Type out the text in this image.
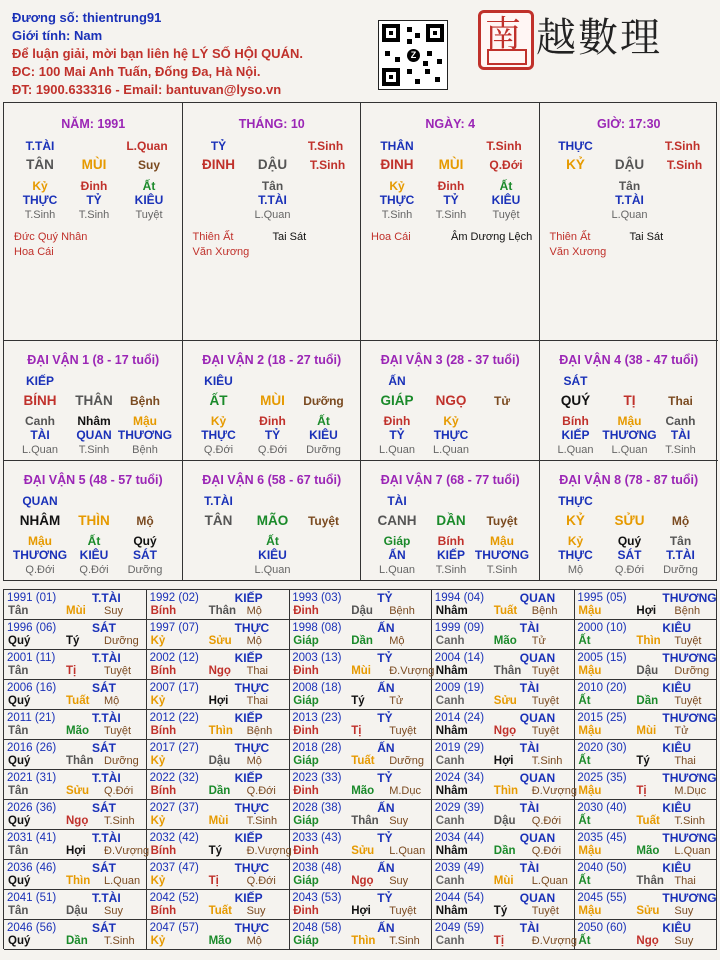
Đương số: thientrung91
Giới tính: Nam
Để luận giải, mời bạn liên hệ LÝ SỐ HỘI QUÁN.
ĐC: 100 Mai Anh Tuấn, Đống Đa, Hà Nội.
ĐT: 1900.633316 - Email: bantuvan@lyso.vn
Z 南 越數理
NĂM: 1991
T.TÀI	L.Quan
TÂN	MÙI	Suy
Kỷ
THỰC
T.Sinh
Đinh
TỶ
T.Sinh
Ất
KIÊU
Tuyệt
Đức Quý Nhân
Hoa Cái
THÁNG: 10
TỶ	T.Sinh
ĐINH	DẬU	T.Sinh
Tân
T.TÀI
L.Quan
Thiên Ất
Văn Xương
Tai Sát
NGÀY: 4
THÂN	T.Sinh
ĐINH	MÙI	Q.Đới
Kỷ
THỰC
T.Sinh
Đinh
TỶ
T.Sinh
Ất
KIÊU
Tuyệt
Hoa Cái	Âm Dương Lệch
GIỜ: 17:30
THỰC	T.Sinh
KỶ	DẬU	T.Sinh
Tân
T.TÀI
L.Quan
Thiên Ất
Văn Xương
Tai Sát
ĐẠI VẬN 1 (8 - 17 tuổi)
KIẾP
BÍNH	THÂN	Bệnh
Canh
TÀI
L.Quan
Nhâm
QUAN
T.Sinh
Mậu
THƯƠNG
Bệnh
ĐẠI VẬN 2 (18 - 27 tuổi)
KIÊU
ẤT	MÙI	Dưỡng
Kỷ
THỰC
Q.Đới
Đinh
TỶ
Q.Đới
Ất
KIÊU
Dưỡng
ĐẠI VẬN 3 (28 - 37 tuổi)
ẤN
GIÁP	NGỌ	Tử
Đinh
TỶ
L.Quan
Kỷ
THỰC
L.Quan
ĐẠI VẬN 4 (38 - 47 tuổi)
SÁT
QUÝ	TỊ	Thai
Bính
KIẾP
L.Quan
Mậu
THƯƠNG
L.Quan
Canh
TÀI
T.Sinh
ĐẠI VẬN 5 (48 - 57 tuổi)
QUAN
NHÂM	THÌN	Mộ
Mậu
THƯƠNG
Q.Đới
Ất
KIÊU
Q.Đới
Quý
SÁT
Dưỡng
ĐẠI VẬN 6 (58 - 67 tuổi)
T.TÀI
TÂN	MÃO	Tuyệt
Ất
KIÊU
L.Quan
ĐẠI VẬN 7 (68 - 77 tuổi)
TÀI
CANH	DẦN	Tuyệt
Giáp
ẤN
L.Quan
Bính
KIẾP
T.Sinh
Mậu
THƯƠNG
T.Sinh
ĐẠI VẬN 8 (78 - 87 tuổi)
THỰC
KỶ	SỬU	Mộ
Kỷ
THỰC
Mộ
Quý
SÁT
Q.Đới
Tân
T.TÀI
Dưỡng
1991 (01)	T.TÀI
Tân	Mùi Suy
1992 (02)	KIẾP
Bính	Thân Mộ
1993 (03)	TỶ
Đinh	Dậu Bệnh
1994 (04)	QUAN
Nhâm Tuất Bệnh
1995 (05)	THƯƠNG
Mậu	Hợi Bệnh
1996 (06)	SÁT
Quý	Tý Dưỡng
1997 (07)	THỰC
Kỷ	Sửu Mộ
1998 (08)	ẤN
Giáp	Dần Mộ
1999 (09)	TÀI
Canh	Mão Tử
2000 (10)	KIÊU
Ất	Thìn Tuyệt
2001 (11)	T.TÀI
Tân	Tị	Tuyệt
2002 (12)	KIẾP
Bính	Ngọ Thai
2003 (13)	TỶ
Đinh	Mùi Đ.Vượng
2004 (14)	QUAN
Nhâm Thân Tuyệt
2005 (15)	THƯƠNG
Mậu	Dậu Dưỡng
2006 (16)	SÁT
Quý	Tuất Mộ
2007 (17)	THỰC
Kỷ	Hợi Thai
2008 (18)	ẤN
Giáp	Tý Tử
2009 (19)	TÀI
Canh	Sửu Tuyệt
2010 (20)	KIÊU
Ất	Dần Tuyệt
2011 (21)	T.TÀI
Tân	Mão Tuyệt
2012 (22)	KIẾP
Bính	Thìn Bệnh
2013 (23)	TỶ
Đinh	Tị	Tuyệt
2014 (24)	QUAN
Nhâm Ngọ Tuyệt
2015 (25)	THƯƠNG
Mậu	Mùi Tử
2016 (26)	SÁT
Quý	Thân Dưỡng
2017 (27)	THỰC
Kỷ	Dậu Mộ
2018 (28)	ẤN
Giáp	Tuất Dưỡng
2019 (29)	TÀI
Canh	Hợi T.Sinh
2020 (30)	KIÊU
Ất	Tý Thai
2021 (31)	T.TÀI
Tân	Sửu Q.Đới
2022 (32)	KIẾP
Bính	Dần Q.Đới
2023 (33)	TỶ
Đinh	Mão M.Dục
2024 (34)	QUAN
Nhâm Thìn Đ.Vượng
2025 (35)	THƯƠNG
Mậu	Tị	M.Dục
2026 (36)	SÁT
Quý	Ngọ T.Sinh
2027 (37)	THỰC
Kỷ	Mùi T.Sinh
2028 (38)	ẤN
Giáp	Thân Suy
2029 (39)	TÀI
Canh	Dậu Q.Đới
2030 (40)	KIÊU
Ất	Tuất T.Sinh
2031 (41)	T.TÀI
Tân	Hợi Đ.Vượng
2032 (42)	KIẾP
Bính	Tý Đ.Vượng
2033 (43)	TỶ
Đinh	Sửu L.Quan
2034 (44)	QUAN
Nhâm Dần Q.Đới
2035 (45)	THƯƠNG
Mậu	Mão L.Quan
2036 (46)	SÁT
Quý	Thìn L.Quan
2037 (47)	THỰC
Kỷ	Tị	Q.Đới
2038 (48)	ẤN
Giáp	Ngọ Suy
2039 (49)	TÀI
Canh	Mùi L.Quan
2040 (50)	KIÊU
Ất	Thân Thai
2041 (51)	T.TÀI
Tân	Dậu Suy
2042 (52)	KIẾP
Bính	Tuất Suy
2043 (53)	TỶ
Đinh	Hợi Tuyệt
2044 (54)	QUAN
Nhâm Tý Tuyệt
2045 (55)	THƯƠNG
Mậu	Sửu Suy
2046 (56)	SÁT
Quý	Dần T.Sinh
2047 (57)	THỰC
Kỷ	Mão Mộ
2048 (58)	ẤN
Giáp	Thìn T.Sinh
2049 (59)	TÀI
Canh	Tị	Đ.Vượng
2050 (60)	KIÊU
Ất	Ngọ Suy
